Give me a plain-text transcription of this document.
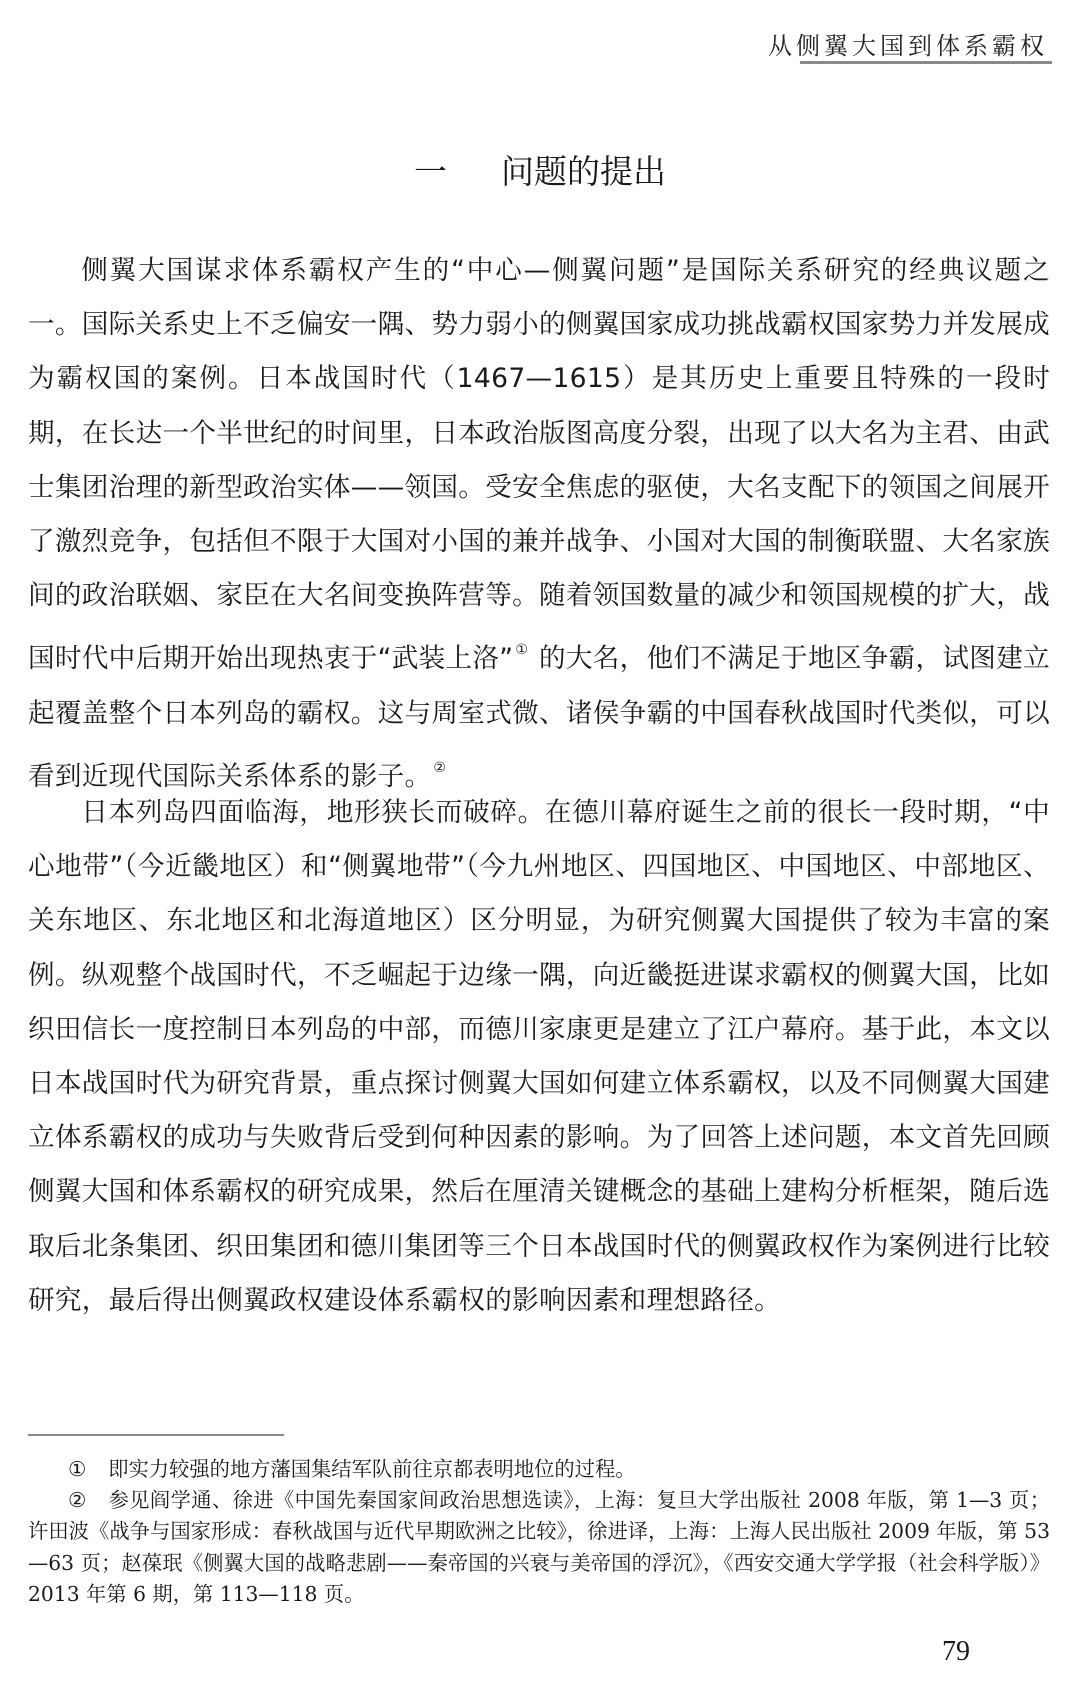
从侧翼大国到体系霸权
一 问题的提出

侧翼大国谋求体系霸权产生的“中心—侧翼问题”是国际关系研究的经典议题之一。国际关系史上不乏偏安一隅、势力弱小的侧翼国家成功挑战霸权国家势力并发展成为霸权国的案例。日本战国时代（1467—1615）是其历史上重要且特殊的一段时期，在长达一个半世纪的时间里，日本政治版图高度分裂，出现了以大名为主君、由武士集团治理的新型政治实体——领国。受安全焦虑的驱使，大名支配下的领国之间展开了激烈竞争，包括但不限于大国对小国的兼并战争、小国对大国的制衡联盟、大名家族间的政治联姻、家臣在大名间变换阵营等。随着领国数量的减少和领国规模的扩大，战国时代中后期开始出现热衷于“武装上洛” ① 的大名，他们不满足于地区争霸，试图建立起覆盖整个日本列岛的霸权。这与周室式微、诸侯争霸的中国春秋战国时代类似，可以看到近现代国际关系体系的影子。 ②

日本列岛四面临海，地形狭长而破碎。在德川幕府诞生之前的很长一段时期，“中心地带”（今近畿地区）和“侧翼地带”（今九州地区、四国地区、中国地区、中部地区、关东地区、东北地区和北海道地区）区分明显，为研究侧翼大国提供了较为丰富的案例。纵观整个战国时代，不乏崛起于边缘一隅，向近畿挺进谋求霸权的侧翼大国，比如织田信长一度控制日本列岛的中部，而德川家康更是建立了江户幕府。基于此，本文以日本战国时代为研究背景，重点探讨侧翼大国如何建立体系霸权，以及不同侧翼大国建立体系霸权的成功与失败背后受到何种因素的影响。为了回答上述问题，本文首先回顾侧翼大国和体系霸权的研究成果，然后在厘清关键概念的基础上建构分析框架，随后选取后北条集团、织田集团和德川集团等三个日本战国时代的侧翼政权作为案例进行比较研究，最后得出侧翼政权建设体系霸权的影响因素和理想路径。

① 即实力较强的地方藩国集结军队前往京都表明地位的过程。

② 参见阎学通、徐进《中国先秦国家间政治思想选读》，上海：复旦大学出版社 2008 年版，第 1—3 页；许田波《战争与国家形成：春秋战国与近代早期欧洲之比较》，徐进译，上海：上海人民出版社 2009 年版，第 53—63 页；赵葆珉《侧翼大国的战略悲剧——秦帝国的兴衰与美帝国的浮沉》，《西安交通大学学报（社会科学版）》2013 年第 6 期，第 113—118 页。

79
